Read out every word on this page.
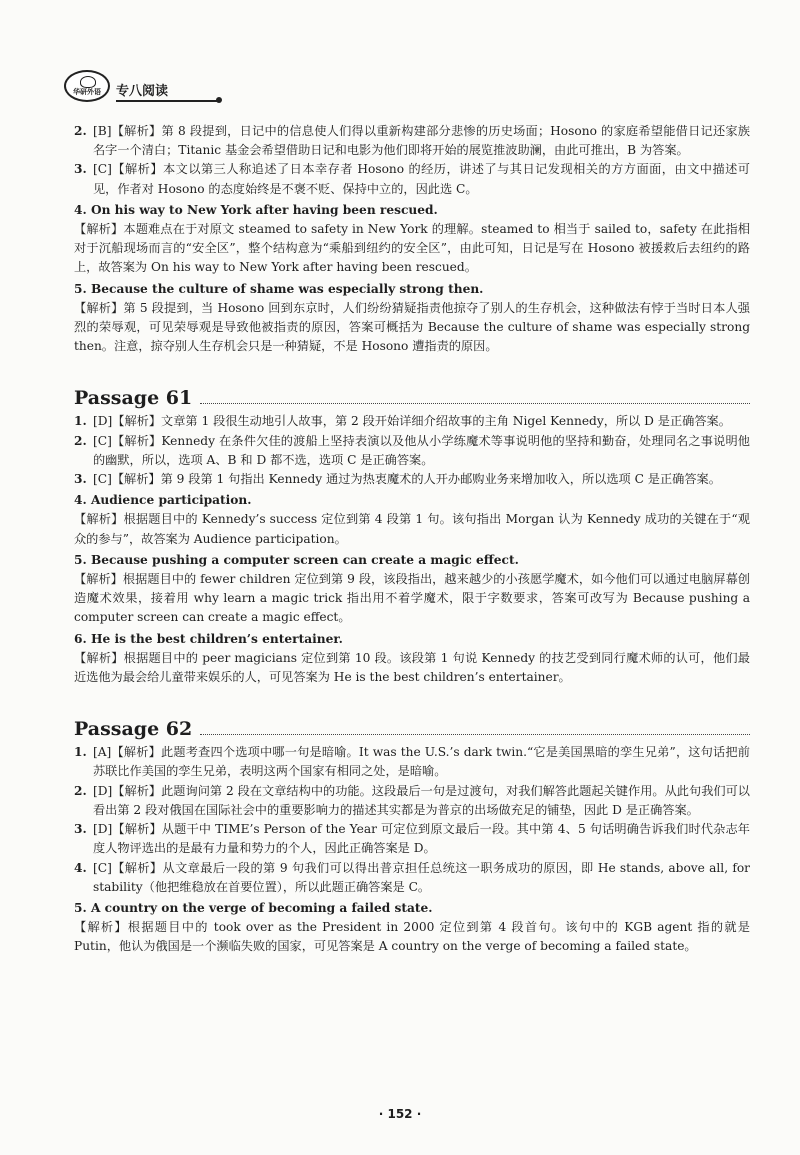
华研外语 专八阅读
2. [B]【解析】第 8 段提到，日记中的信息使人们得以重新构建部分悲惨的历史场面；Hosono 的家庭希望能借日记还家族名字一个清白；Titanic 基金会希望借助日记和电影为他们即将开始的展览推波助澜，由此可推出，B 为答案。

3. [C]【解析】本文以第三人称追述了日本幸存者 Hosono 的经历，讲述了与其日记发现相关的方方面面，由文中描述可见，作者对 Hosono 的态度始终是不褒不贬、保持中立的，因此选 C。

4. On his way to New York after having been rescued.

【解析】本题难点在于对原文 steamed to safety in New York 的理解。steamed to 相当于 sailed to，safety 在此指相对于沉船现场而言的“安全区”，整个结构意为“乘船到纽约的安全区”，由此可知，日记是写在 Hosono 被援救后去纽约的路上，故答案为 On his way to New York after having been rescued。

5. Because the culture of shame was especially strong then.

【解析】第 5 段提到，当 Hosono 回到东京时，人们纷纷猜疑指责他掠夺了别人的生存机会，这种做法有悖于当时日本人强烈的荣辱观，可见荣辱观是导致他被指责的原因，答案可概括为 Because the culture of shame was especially strong then。注意，掠夺别人生存机会只是一种猜疑，不是 Hosono 遭指责的原因。

Passage 61
1. [D]【解析】文章第 1 段很生动地引人故事，第 2 段开始详细介绍故事的主角 Nigel Kennedy，所以 D 是正确答案。

2. [C]【解析】Kennedy 在条件欠佳的渡船上坚持表演以及他从小学练魔术等事说明他的坚持和勤奋，处理同名之事说明他的幽默，所以，选项 A、B 和 D 都不选，选项 C 是正确答案。

3. [C]【解析】第 9 段第 1 句指出 Kennedy 通过为热衷魔术的人开办邮购业务来增加收入，所以选项 C 是正确答案。

4. Audience participation.

【解析】根据题目中的 Kennedy’s success 定位到第 4 段第 1 句。该句指出 Morgan 认为 Kennedy 成功的关键在于“观众的参与”，故答案为 Audience participation。

5. Because pushing a computer screen can create a magic effect.

【解析】根据题目中的 fewer children 定位到第 9 段，该段指出，越来越少的小孩愿学魔术，如今他们可以通过电脑屏幕创造魔术效果，接着用 why learn a magic trick 指出用不着学魔术，限于字数要求，答案可改写为 Because pushing a computer screen can create a magic effect。

6. He is the best children’s entertainer.

【解析】根据题目中的 peer magicians 定位到第 10 段。该段第 1 句说 Kennedy 的技艺受到同行魔术师的认可，他们最近选他为最会给儿童带来娱乐的人，可见答案为 He is the best children’s entertainer。

Passage 62
1. [A]【解析】此题考查四个选项中哪一句是暗喻。It was the U.S.’s dark twin.“它是美国黑暗的孪生兄弟”，这句话把前苏联比作美国的孪生兄弟，表明这两个国家有相同之处，是暗喻。

2. [D]【解析】此题询问第 2 段在文章结构中的功能。这段最后一句是过渡句，对我们解答此题起关键作用。从此句我们可以看出第 2 段对俄国在国际社会中的重要影响力的描述其实都是为普京的出场做充足的铺垫，因此 D 是正确答案。

3. [D]【解析】从题干中 TIME’s Person of the Year 可定位到原文最后一段。其中第 4、5 句话明确告诉我们时代杂志年度人物评选出的是最有力量和势力的个人，因此正确答案是 D。

4. [C]【解析】从文章最后一段的第 9 句我们可以得出普京担任总统这一职务成功的原因，即 He stands, above all, for stability（他把维稳放在首要位置），所以此题正确答案是 C。

5. A country on the verge of becoming a failed state.

【解析】根据题目中的 took over as the President in 2000 定位到第 4 段首句。该句中的 KGB agent 指的就是 Putin，他认为俄国是一个濒临失败的国家，可见答案是 A country on the verge of becoming a failed state。

· 152 ·
